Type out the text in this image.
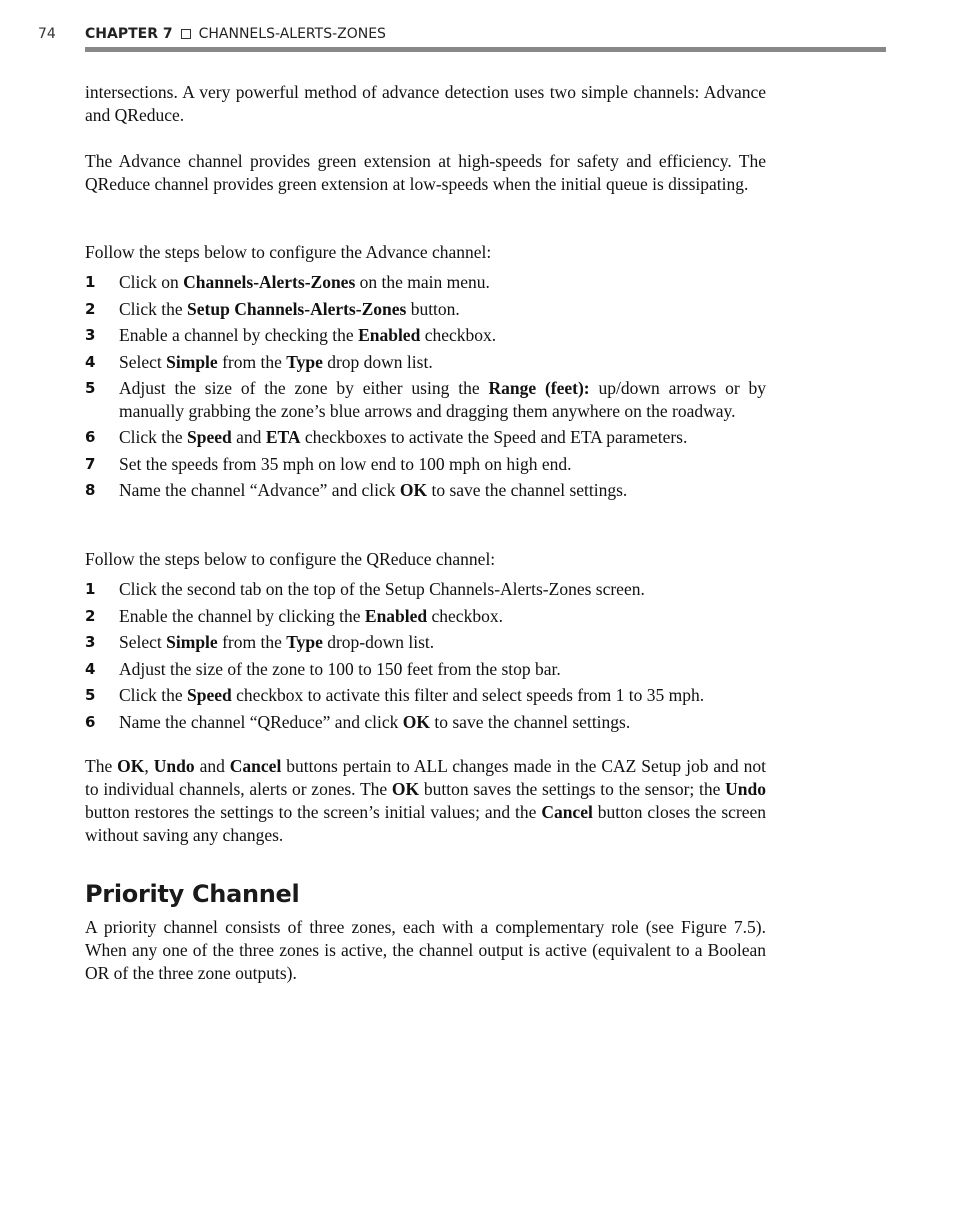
74 CHAPTER 7 CHANNELS-ALERTS-ZONES

intersections. A very powerful method of advance detection uses two simple channels: Advance and QReduce.

The Advance channel provides green extension at high-speeds for safety and efficiency. The QReduce channel provides green extension at low-speeds when the initial queue is dissipating.

Follow the steps below to configure the Advance channel:

1 Click on Channels-Alerts-Zones on the main menu.
2 Click the Setup Channels-Alerts-Zones button.
3 Enable a channel by checking the Enabled checkbox.
4 Select Simple from the Type drop down list.
5 Adjust the size of the zone by either using the Range (feet): up/down arrows or by manually grabbing the zone’s blue arrows and dragging them anywhere on the roadway.
6 Click the Speed and ETA checkboxes to activate the Speed and ETA parameters.
7 Set the speeds from 35 mph on low end to 100 mph on high end.
8 Name the channel “Advance” and click OK to save the channel settings.

Follow the steps below to configure the QReduce channel:

1 Click the second tab on the top of the Setup Channels-Alerts-Zones screen.
2 Enable the channel by clicking the Enabled checkbox.
3 Select Simple from the Type drop-down list.
4 Adjust the size of the zone to 100 to 150 feet from the stop bar.
5 Click the Speed checkbox to activate this filter and select speeds from 1 to 35 mph.
6 Name the channel “QReduce” and click OK to save the channel settings.

The OK, Undo and Cancel buttons pertain to ALL changes made in the CAZ Setup job and not to individual channels, alerts or zones. The OK button saves the settings to the sensor; the Undo button restores the settings to the screen’s initial values; and the Cancel button closes the screen without saving any changes.

Priority Channel

A priority channel consists of three zones, each with a complementary role (see Figure 7.5). When any one of the three zones is active, the channel output is active (equivalent to a Boolean OR of the three zone outputs).
